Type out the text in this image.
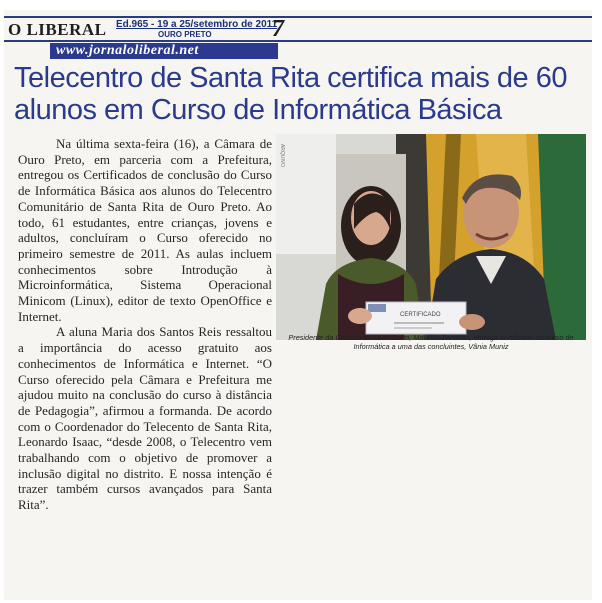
O LIBERAL Ed.965 - 19 a 25/setembro de 2011
OURO PRETO	7
www.jornaloliberal.net
Telecentro de Santa Rita certifica mais de 60 alunos em Curso de Informática Básica

Na última sexta-feira (16), a Câmara de Ouro Preto, em parceria com a Prefeitura, entregou os Certificados de conclusão do Curso de Informática Básica aos alunos do Telecentro Comunitário de Santa Rita de Ouro Preto. Ao todo, 61 estudantes, entre crianças, jovens e adultos, concluíram o Curso oferecido no primeiro semestre de 2011. As aulas incluem conhecimentos sobre Introdução à Microinformática, Sistema Operacional Minicom (Linux), editor de texto OpenOffice e Internet.

A aluna Maria dos Santos Reis ressaltou a importância do acesso gratuito aos conhecimentos de Informática e Internet. “O Curso oferecido pela Câmara e Prefeitura me ajudou muito na conclusão do curso à distância de Pedagogia”, afirmou a formanda. De acordo com o Coordenador do Telecento de Santa Rita, Leonardo Isaac, “desde 2008, o Telecentro vem trabalhando com o objetivo de promover a inclusão digital no distrito. E nossa intenção é trazer também cursos avançados para Santa Rita”.

CERTIFICADO
ARQUIVO
Presidente da Câmara de Ouro Preto, Maurílio Zacarias, entrega certificado do curso de Informática a uma das concluintes, Vânia Muniz
